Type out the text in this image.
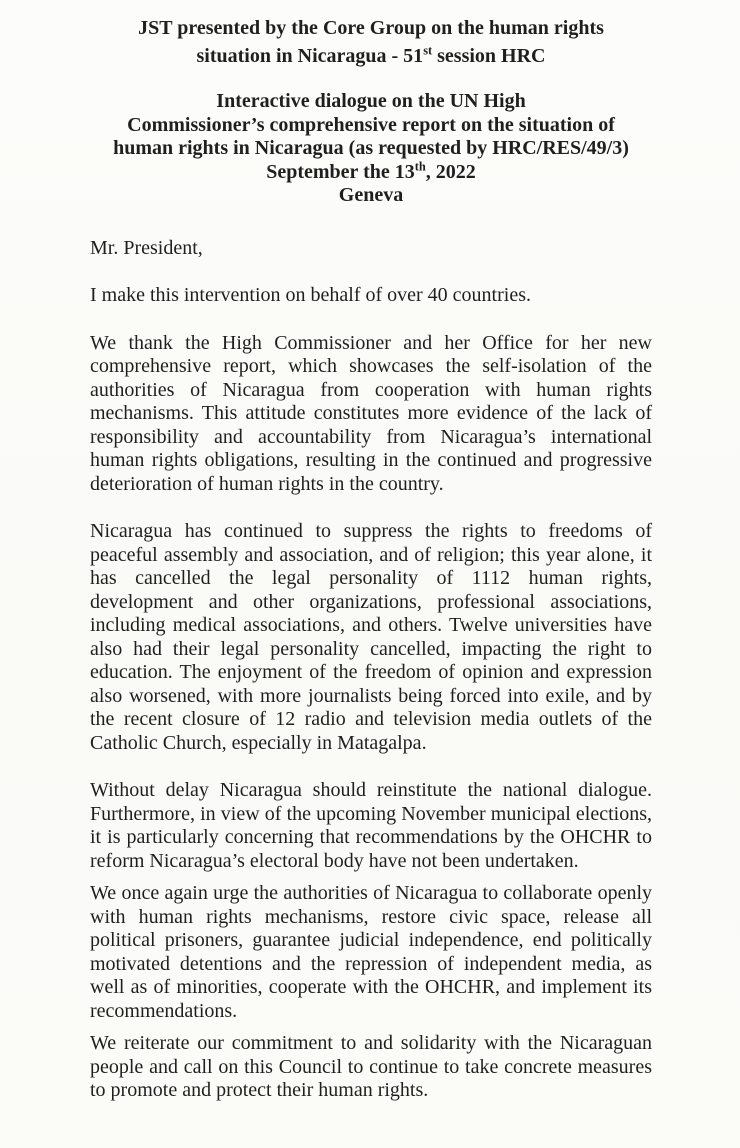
JST presented by the Core Group on the human rights
situation in Nicaragua - 51st session HRC
Interactive dialogue on the UN High
Commissioner’s comprehensive report on the situation of
human rights in Nicaragua (as requested by HRC/RES/49/3)
September the 13th, 2022
Geneva
Mr. President,

I make this intervention on behalf of over 40 countries.

We thank the High Commissioner and her Office for her new comprehensive report, which showcases the self-isolation of the authorities of Nicaragua from cooperation with human rights mechanisms. This attitude constitutes more evidence of the lack of responsibility and accountability from Nicaragua’s international human rights obligations, resulting in the continued and progressive deterioration of human rights in the country.

Nicaragua has continued to suppress the rights to freedoms of peaceful assembly and association, and of religion; this year alone, it has cancelled the legal personality of 1112 human rights, development and other organizations, professional associations, including medical associations, and others. Twelve universities have also had their legal personality cancelled, impacting the right to education. The enjoyment of the freedom of opinion and expression also worsened, with more journalists being forced into exile, and by the recent closure of 12 radio and television media outlets of the Catholic Church, especially in Matagalpa.

Without delay Nicaragua should reinstitute the national dialogue. Furthermore, in view of the upcoming November municipal elections, it is particularly concerning that recommendations by the OHCHR to reform Nicaragua’s electoral body have not been undertaken.

We once again urge the authorities of Nicaragua to collaborate openly with human rights mechanisms, restore civic space, release all political prisoners, guarantee judicial independence, end politically motivated detentions and the repression of independent media, as well as of minorities, cooperate with the OHCHR, and implement its recommendations.

We reiterate our commitment to and solidarity with the Nicaraguan people and call on this Council to continue to take concrete measures to promote and protect their human rights.
